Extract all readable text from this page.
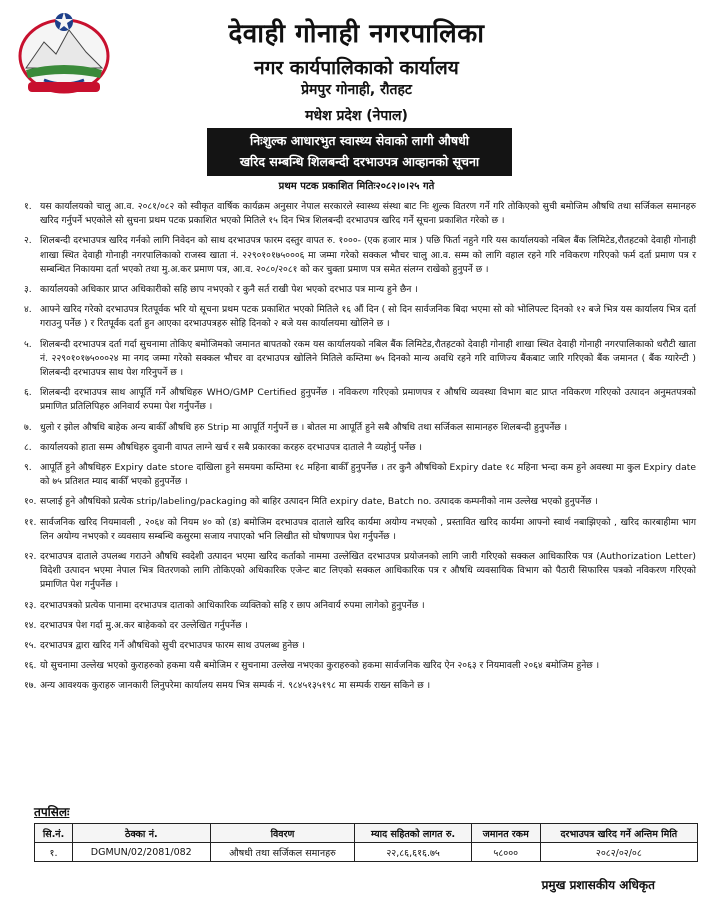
देवाही गोनाही नगरपालिका
नगर कार्यपालिकाको कार्यालय
प्रेमपुर गोनाही, रौतहट
मधेश प्रदेश (नेपाल)
निःशुल्क आधारभुत स्वास्थ्य सेवाको लागी औषधी
खरिद सम्बन्धि शिलबन्दी दरभाउपत्र आव्हानको सूचना
प्रथम पटक प्रकाशित मितिः२०८२।०।२५ गते
१. यस कार्यालयको चालु आ.व. २०८१/०८२ को स्वीकृत वार्षिक कार्यक्रम अनुसार नेपाल सरकारले स्वास्थ्य संस्था बाट निः शुल्क वितरण गर्ने गरि तोकिएको सुची बमोजिम औषधि तथा सर्जिकल समानहरु खरिद गर्नुपर्ने भएकोले सो सुचना प्रथम पटक प्रकाशित भएको मितिले १५ दिन भित्र शिलबन्दी दरभाउपत्र खरिद गर्ने सूचना प्रकाशित गरेको छ ।
२. शिलबन्दी दरभाउपत्र खरिद गर्नको लागि निवेदन को साथ दरभाउपत्र फारम दस्तुर वापत रु. १०००- (एक हजार मात्र ) पछि फिर्ता नहुने गरि यस कार्यालयको नबिल बैंक लिमिटेड,रौतहटको देवाही गोनाही शाखा स्थित देवाही गोनाही नगरपालिकाको राजस्व खाता नं. २२९०१०१७५०००६ मा जम्मा गरेको सक्कल भौचर चालु आ.व. सम्म को लागि वहाल रहने गरि नविकरण गरिएको फर्म दर्ता प्रमाण पत्र र सम्बन्धित निकायमा दर्ता भएको तथा मु.अ.कर प्रमाण पत्र, आ.व. २०८०/२०८१ को कर चुक्ता प्रमाण पत्र समेत संलग्न राखेको हुनुपर्ने छ ।
३. कार्यालयको अधिकार प्राप्त अधिकारीको सहि छाप नभएको र कुनै सर्त राखी पेश भएको दरभाउ पत्र मान्य हुने छैन ।
४. आफ्ने खरिद गरेको दरभाउपत्र रितपूर्वक भरि यो सूचना प्रथम पटक प्रकाशित भएको मितिले १६ औं दिन ( सो दिन सार्वजनिक बिदा भएमा सो को भोलिपल्ट दिनको १२ बजे भित्र यस कार्यालय भित्र दर्ता गराउनु पर्नेछ ) र रितपूर्वक दर्ता हुन आएका दरभाउपत्रहरु सोहि दिनको २ बजे यस कार्यालयमा खोलिने छ ।
५. शिलबन्दी दरभाउपत्र दर्ता गर्दा सुचनामा तोकिए बमोजिमको जमानत बापतको रकम यस कार्यालयको नबिल बैंक लिमिटेड,रौतहटको देवाही गोनाही शाखा स्थित देवाही गोनाही नगरपालिकाको धरौटी खाता नं. २२९०१०१७५०००२४ मा नगद जम्मा गरेको सक्कल भौचर वा दरभाउपत्र खोलिने मितिले कम्तिमा ७५ दिनको मान्य अवधि रहने गरि वाणिज्य बैंकबाट जारि गरिएको बैंक जमानत ( बैंक ग्यारेन्टी ) शिलबन्दी दरभाउपत्र साथ पेश गरिनुपर्ने छ ।
६. शिलबन्दी दरभाउपत्र साथ आपूर्ति गर्ने औषधिहरु WHO/GMP Certified हुनुपर्नेछ । नविकरण गरिएको प्रमाणपत्र र औषधि व्यवस्था विभाग बाट प्राप्त नविकरण गरिएको उत्पादन अनुमतपत्रको प्रमाणित प्रतिलिपिहरु अनिवार्य रुपमा पेश गर्नुपर्नेछ ।
७. धुलो र झोल औषधि बाहेक अन्य बाकीँ औषधि हरु Strip मा आपूर्ति गर्नुपर्ने छ । बोतल मा आपूर्ति हुने सबै औषधि तथा सर्जिकल सामानहरु शिलबन्दी हुनुपर्नेछ ।
८. कार्यालयको हाता सम्म औषधिहरु दुवानी वापत लाग्ने खर्च र सबै प्रकारका करहरु दरभाउपत्र दाताले नै व्यहोर्नु पर्नेछ ।
९. आपूर्ति हुने औषधिहरु Expiry date store दाखिला हुने समयमा कम्तिमा १८ महिना बाकीँ हुनुपर्नेछ । तर कुनै औषधिको Expiry date १८ महिना भन्दा कम हुने अवस्था मा कुल Expiry date को ७५ प्रतिशत म्याद बाकीँ भएको हुनुपर्नेछ ।
१०. सप्लाई हुने औषधिको प्रत्येक strip/labeling/packaging को बाहिर उत्पादन मिति expiry date, Batch no. उत्पादक कम्पनीको नाम उल्लेख भएको हुनुपर्नेछ ।
११. सार्वजनिक खरिद नियमावली , २०६४ को नियम ४० को (ड) बमोजिम दरभाउपत्र दाताले खरिद कार्यमा अयोग्य नभएको , प्रस्तावित खरिद कार्यमा आफ्नो स्वार्थ नबाझिएको , खरिद कारबाहीमा भाग लिन अयोग्य नभएको र व्यवसाय सम्बन्धि कसुरमा सजाय नपाएको भनि लिखीत सो घोषणापत्र पेश गर्नुपर्नेछ ।
१२. दरभाउपत्र दाताले उपलब्ध गराउने औषधि स्वदेशी उत्पादन भएमा खरिद कर्ताको नाममा उल्लेखित दरभाउपत्र प्रयोजनको लागि जारी गरिएको सक्कल आधिकारिक पत्र (Authorization Letter) विदेशी उत्पादन भएमा नेपाल भित्र वितरणको लागि तोकिएको अधिकारिक एजेन्ट बाट लिएको सक्कल आधिकारिक पत्र र औषधि व्यवसायिक विभाग को पैठारी सिफारिस पत्रको नविकरण गरिएको प्रमाणित पेश गर्नुपर्नेछ ।
१३. दरभाउपत्रको प्रत्येक पानामा दरभाउपत्र दाताको आधिकारिक व्यक्तिको सहि र छाप अनिवार्य रुपमा लागेको हुनुपर्नेछ ।
१४. दरभाउपत्र पेश गर्दा मु.अ.कर बाहेकको दर उल्लेखित गर्नुपर्नेछ ।
१५. दरभाउपत्र द्वारा खरिद गर्ने औषधिको सुची दरभाउपत्र फारम साथ उपलब्ध हुनेछ ।
१६. यो सुचनामा उल्लेख भएको कुराहरुको हकमा यसै बमोजिम र सुचनामा उल्लेख नभएका कुराहरुको हकमा सार्वजनिक खरिद ऐन २०६३ र नियमावली २०६४ बमोजिम हुनेछ ।
१७. अन्य आवश्यक कुराहरु जानकारी लिनुपरेमा कार्यालय समय भित्र सम्पर्क नं. ९८४५१३५१९८ मा सम्पर्क राख्न सकिने छ ।
तपसिलः
सि.नं.	ठेक्का नं.	विवरण	म्याद सहितको लागत रु.	जमानत रकम	दरभाउपत्र खरिद गर्ने अन्तिम मिति
१.	DGMUN/02/2081/082	औषधी तथा सर्जिकल समानहरु	२२,८६,६१६.७५	५८०००	२०८२/०२/०८
प्रमुख प्रशासकीय अधिकृत
